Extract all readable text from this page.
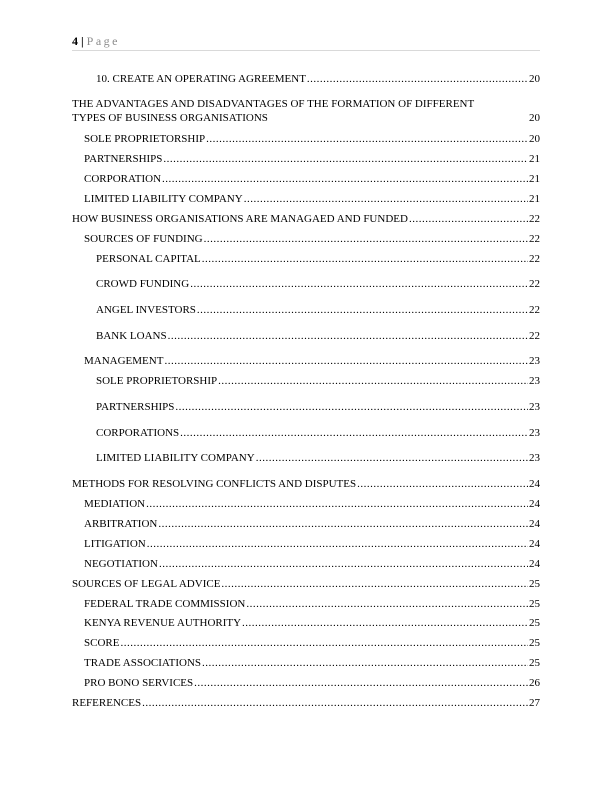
4 | Page
10. CREATE AN OPERATING AGREEMENT .....	20
THE ADVANTAGES AND DISADVANTAGES OF THE FORMATION OF DIFFERENT
TYPES OF BUSINESS ORGANISATIONS	20
SOLE PROPRIETORSHIP .....	20
PARTNERSHIPS .....	21
CORPORATION .....	21
LIMITED LIABILITY COMPANY .....	21
HOW BUSINESS ORGANISATIONS ARE MANAGAED AND FUNDED .....	22
SOURCES OF FUNDING .....	22
PERSONAL CAPITAL .....	22
CROWD FUNDING .....	22
ANGEL INVESTORS .....	22
BANK LOANS .....	22
MANAGEMENT .....	23
SOLE PROPRIETORSHIP .....	23
PARTNERSHIPS .....	23
CORPORATIONS .....	23
LIMITED LIABILITY COMPANY .....	23
METHODS FOR RESOLVING CONFLICTS AND DISPUTES .....	24
MEDIATION .....	24
ARBITRATION .....	24
LITIGATION .....	24
NEGOTIATION .....	24
SOURCES OF LEGAL ADVICE .....	25
FEDERAL TRADE COMMISSION .....	25
KENYA REVENUE AUTHORITY .....	25
SCORE .....	25
TRADE ASSOCIATIONS .....	25
PRO BONO SERVICES .....	26
REFERENCES .....	27
